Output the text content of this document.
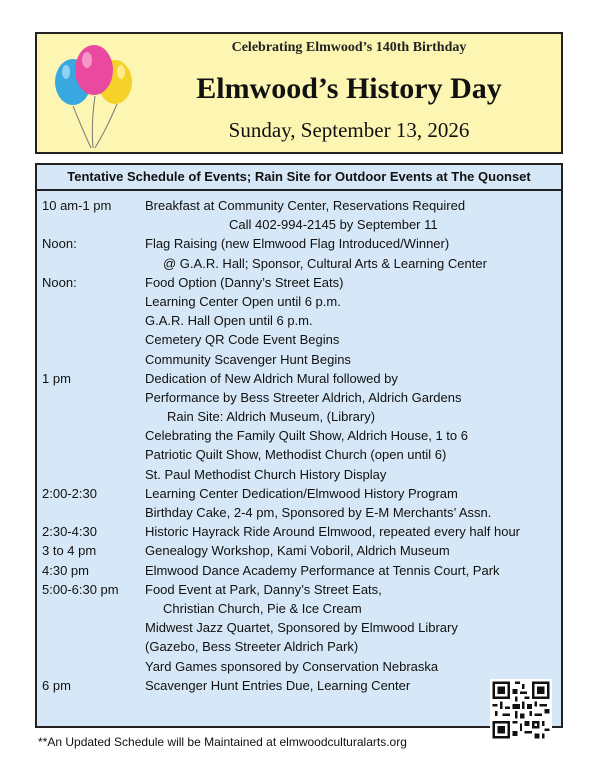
Celebrating Elmwood’s 140th Birthday
Elmwood’s History Day
Sunday, September 13, 2026
Tentative Schedule of Events; Rain Site for Outdoor Events at The Quonset
10 am-1 pm	Breakfast at Community Center, Reservations Required
Call 402-994-2145 by September 11
Noon:	Flag Raising (new Elmwood Flag Introduced/Winner)
@ G.A.R. Hall; Sponsor, Cultural Arts & Learning Center
Noon:	Food Option (Danny’s Street Eats)
Learning Center Open until 6 p.m.
G.A.R. Hall Open until 6 p.m.
Cemetery QR Code Event Begins
Community Scavenger Hunt Begins
1 pm	Dedication of New Aldrich Mural followed by
Performance by Bess Streeter Aldrich, Aldrich Gardens
Rain Site: Aldrich Museum, (Library)
Celebrating the Family Quilt Show, Aldrich House, 1 to 6
Patriotic Quilt Show, Methodist Church (open until 6)
St. Paul Methodist Church History Display
2:00-2:30	Learning Center Dedication/Elmwood History Program
Birthday Cake, 2-4 pm, Sponsored by E-M Merchants’ Assn.
2:30-4:30	Historic Hayrack Ride Around Elmwood, repeated every half hour
3 to 4 pm	Genealogy Workshop, Kami Voboril, Aldrich Museum
4:30 pm	Elmwood Dance Academy Performance at Tennis Court, Park
5:00-6:30 pm Food Event at Park, Danny’s Street Eats,
Christian Church, Pie & Ice Cream
Midwest Jazz Quartet, Sponsored by Elmwood Library
(Gazebo, Bess Streeter Aldrich Park)
Yard Games sponsored by Conservation Nebraska
6 pm	Scavenger Hunt Entries Due, Learning Center
**An Updated Schedule will be Maintained at elmwoodculturalarts.org
